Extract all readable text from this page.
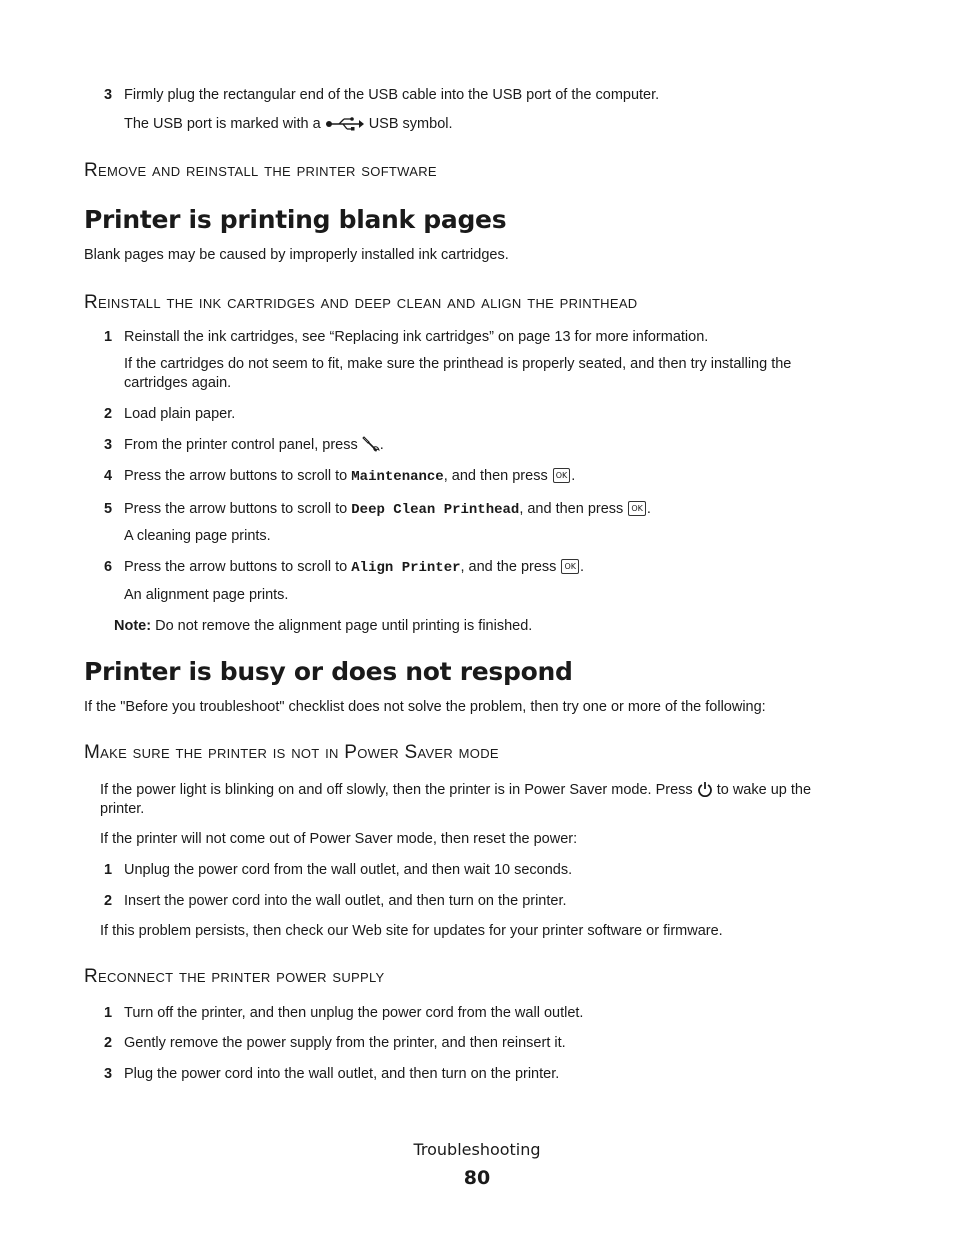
3 Firmly plug the rectangular end of the USB cable into the USB port of the computer.
The USB port is marked with a	USB symbol.
Remove and reinstall the printer software
Printer is printing blank pages
Blank pages may be caused by improperly installed ink cartridges.
Reinstall the ink cartridges and deep clean and align the printhead
1 Reinstall the ink cartridges, see “Replacing ink cartridges” on page 13 for more information.
If the cartridges do not seem to fit, make sure the printhead is properly seated, and then try installing the
cartridges again.
2 Load plain paper.
3 From the printer control panel, press .
4 Press the arrow buttons to scroll to Maintenance, and then press OK .
5 Press the arrow buttons to scroll to Deep Clean Printhead, and then press OK .
A cleaning page prints.
6 Press the arrow buttons to scroll to Align Printer, and the press OK .
An alignment page prints.
Note: Do not remove the alignment page until printing is finished.
Printer is busy or does not respond
If the "Before you troubleshoot" checklist does not solve the problem, then try one or more of the following:
Make sure the printer is not in Power Saver mode
If the power light is blinking on and off slowly, then the printer is in Power Saver mode. Press to wake up the
printer.
If the printer will not come out of Power Saver mode, then reset the power:
1 Unplug the power cord from the wall outlet, and then wait 10 seconds.
2 Insert the power cord into the wall outlet, and then turn on the printer.
If this problem persists, then check our Web site for updates for your printer software or firmware.
Reconnect the printer power supply
1 Turn off the printer, and then unplug the power cord from the wall outlet.
2 Gently remove the power supply from the printer, and then reinsert it.
3 Plug the power cord into the wall outlet, and then turn on the printer.
Troubleshooting
80
